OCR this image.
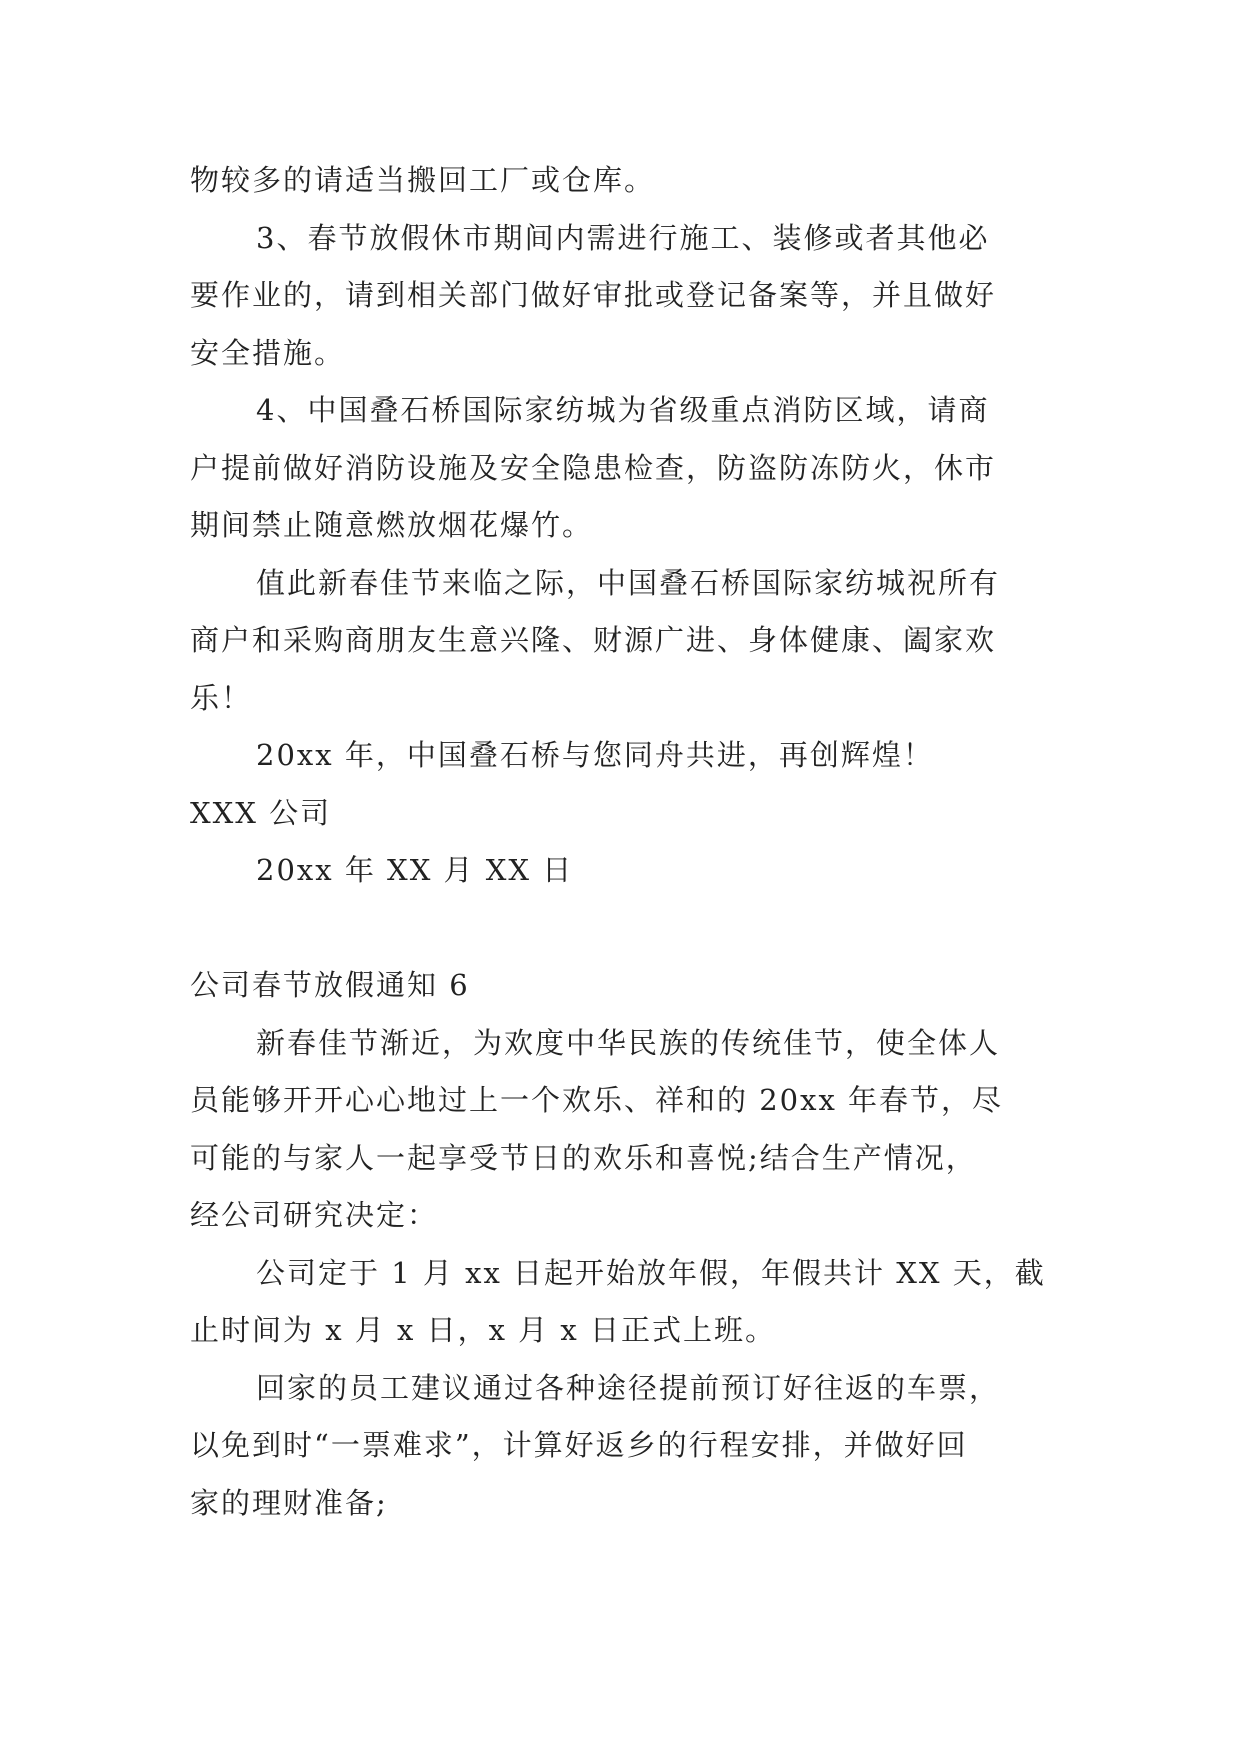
物较多的请适当搬回工厂或仓库。
3、春节放假休市期间内需进行施工、装修或者其他必
要作业的，请到相关部门做好审批或登记备案等，并且做好
安全措施。
4、中国叠石桥国际家纺城为省级重点消防区域，请商
户提前做好消防设施及安全隐患检查，防盗防冻防火，休市
期间禁止随意燃放烟花爆竹。
值此新春佳节来临之际，中国叠石桥国际家纺城祝所有
商户和采购商朋友生意兴隆、财源广进、身体健康、阖家欢
乐！
20xx 年，中国叠石桥与您同舟共进，再创辉煌！
XXX 公司
20xx 年 XX 月 XX 日
公司春节放假通知 6
新春佳节渐近，为欢度中华民族的传统佳节，使全体人
员能够开开心心地过上一个欢乐、祥和的 20xx 年春节，尽
可能的与家人一起享受节日的欢乐和喜悦;结合生产情况，
经公司研究决定：
公司定于 1 月 xx 日起开始放年假，年假共计 XX 天，截
止时间为 x 月 x 日，x 月 x 日正式上班。
回家的员工建议通过各种途径提前预订好往返的车票，
以免到时“一票难求”，计算好返乡的行程安排，并做好回
家的理财准备;
